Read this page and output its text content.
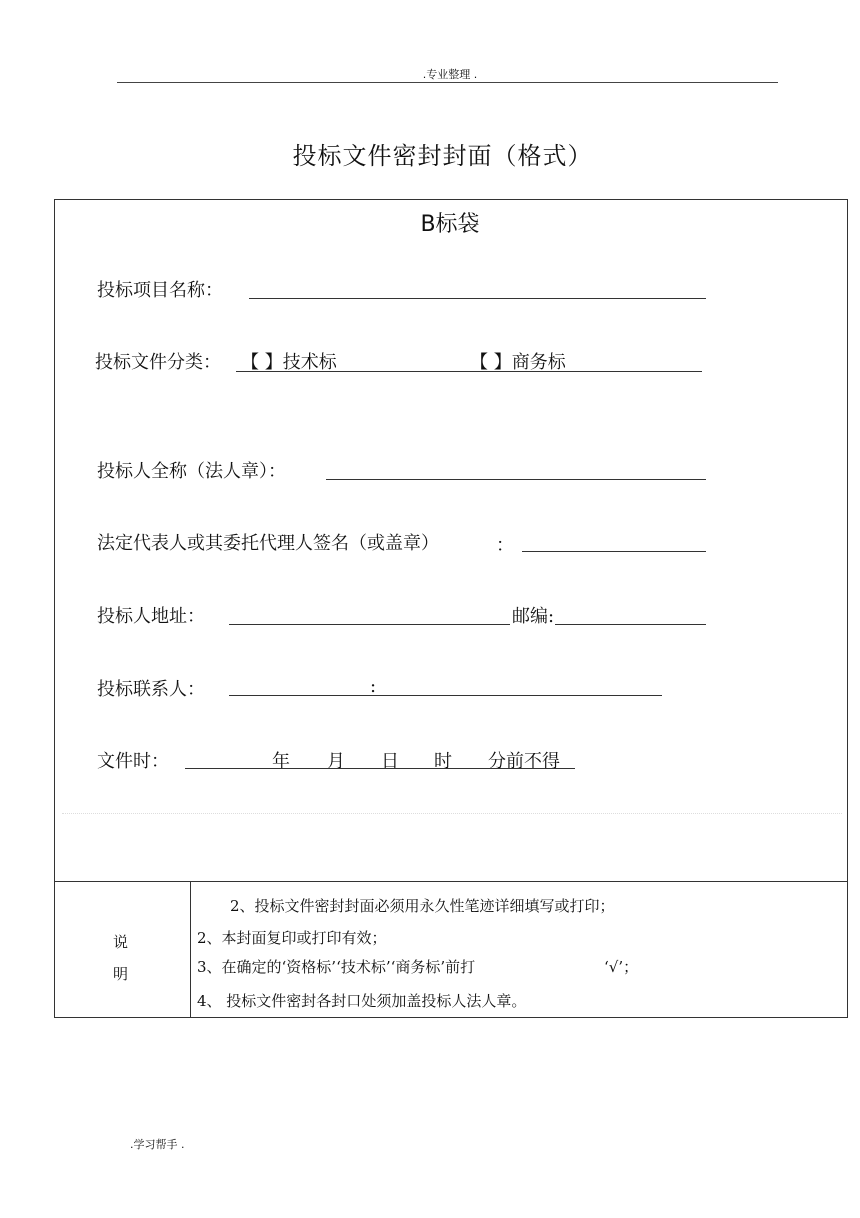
.专业整理 .
投标文件密封封面（格式）
B标袋
投标项目名称：
投标文件分类： 【 】技术标	【 】商务标
投标人全称（法人章）：
法定代表人或其委托代理人签名（或盖章）	：
投标人地址：	邮编:
投标联系人：	:
文件时：	年 月 日 时 分前不得
说
明
2、投标文件密封封面必须用永久性笔迹详细填写或打印；
2、本封面复印或打印有效；
3、在确定的‘资格标’‘技术标’‘商务标’前打	‘√’；
4、 投标文件密封各封口处须加盖投标人法人章。
.学习帮手 .
